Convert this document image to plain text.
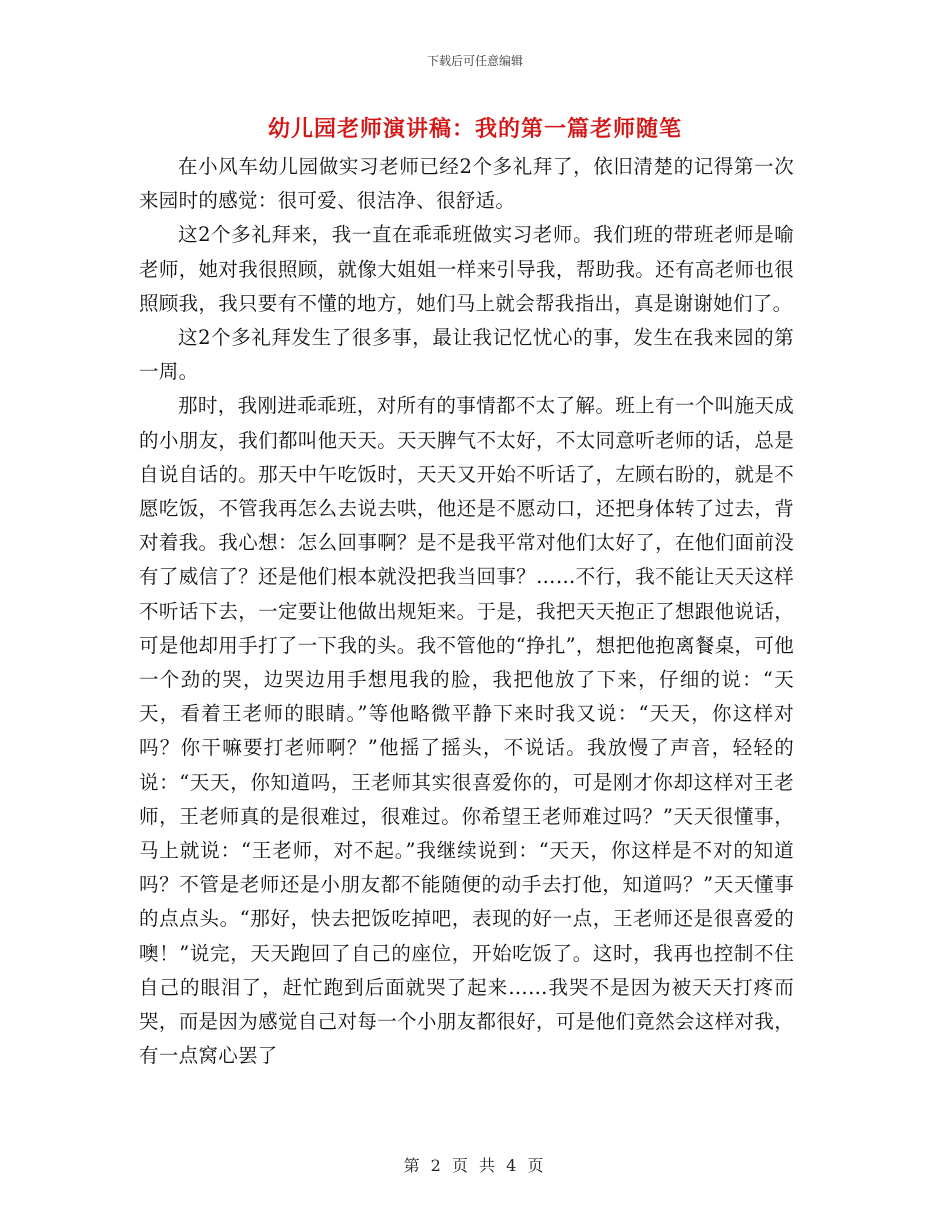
下载后可任意编辑
幼儿园老师演讲稿：我的第一篇老师随笔

在小风车幼儿园做实习老师已经2个多礼拜了，依旧清楚的记得第一次来园时的感觉：很可爱、很洁净、很舒适。

这2个多礼拜来，我一直在乖乖班做实习老师。我们班的带班老师是喻老师，她对我很照顾，就像大姐姐一样来引导我，帮助我。还有高老师也很照顾我，我只要有不懂的地方，她们马上就会帮我指出，真是谢谢她们了。

这2个多礼拜发生了很多事，最让我记忆忧心的事，发生在我来园的第一周。

那时，我刚进乖乖班，对所有的事情都不太了解。班上有一个叫施天成的小朋友，我们都叫他天天。天天脾气不太好，不太同意听老师的话，总是自说自话的。那天中午吃饭时，天天又开始不听话了，左顾右盼的，就是不愿吃饭，不管我再怎么去说去哄，他还是不愿动口，还把身体转了过去，背对着我。我心想：怎么回事啊？是不是我平常对他们太好了，在他们面前没有了威信了？还是他们根本就没把我当回事？……不行，我不能让天天这样不听话下去，一定要让他做出规矩来。于是，我把天天抱正了想跟他说话，可是他却用手打了一下我的头。我不管他的“挣扎”，想把他抱离餐桌，可他一个劲的哭，边哭边用手想甩我的脸，我把他放了下来，仔细的说：“天天，看着王老师的眼睛。”等他略微平静下来时我又说：“天天，你这样对吗？你干嘛要打老师啊？”他摇了摇头，不说话。我放慢了声音，轻轻的说：“天天，你知道吗，王老师其实很喜爱你的，可是刚才你却这样对王老师，王老师真的是很难过，很难过。你希望王老师难过吗？”天天很懂事，马上就说：“王老师，对不起。”我继续说到：“天天，你这样是不对的知道吗？不管是老师还是小朋友都不能随便的动手去打他，知道吗？”天天懂事的点点头。“那好，快去把饭吃掉吧，表现的好一点，王老师还是很喜爱的噢！”说完，天天跑回了自己的座位，开始吃饭了。这时，我再也控制不住自己的眼泪了，赶忙跑到后面就哭了起来……我哭不是因为被天天打疼而哭，而是因为感觉自己对每一个小朋友都很好，可是他们竟然会这样对我，有一点窝心罢了

第 2 页 共 4 页
